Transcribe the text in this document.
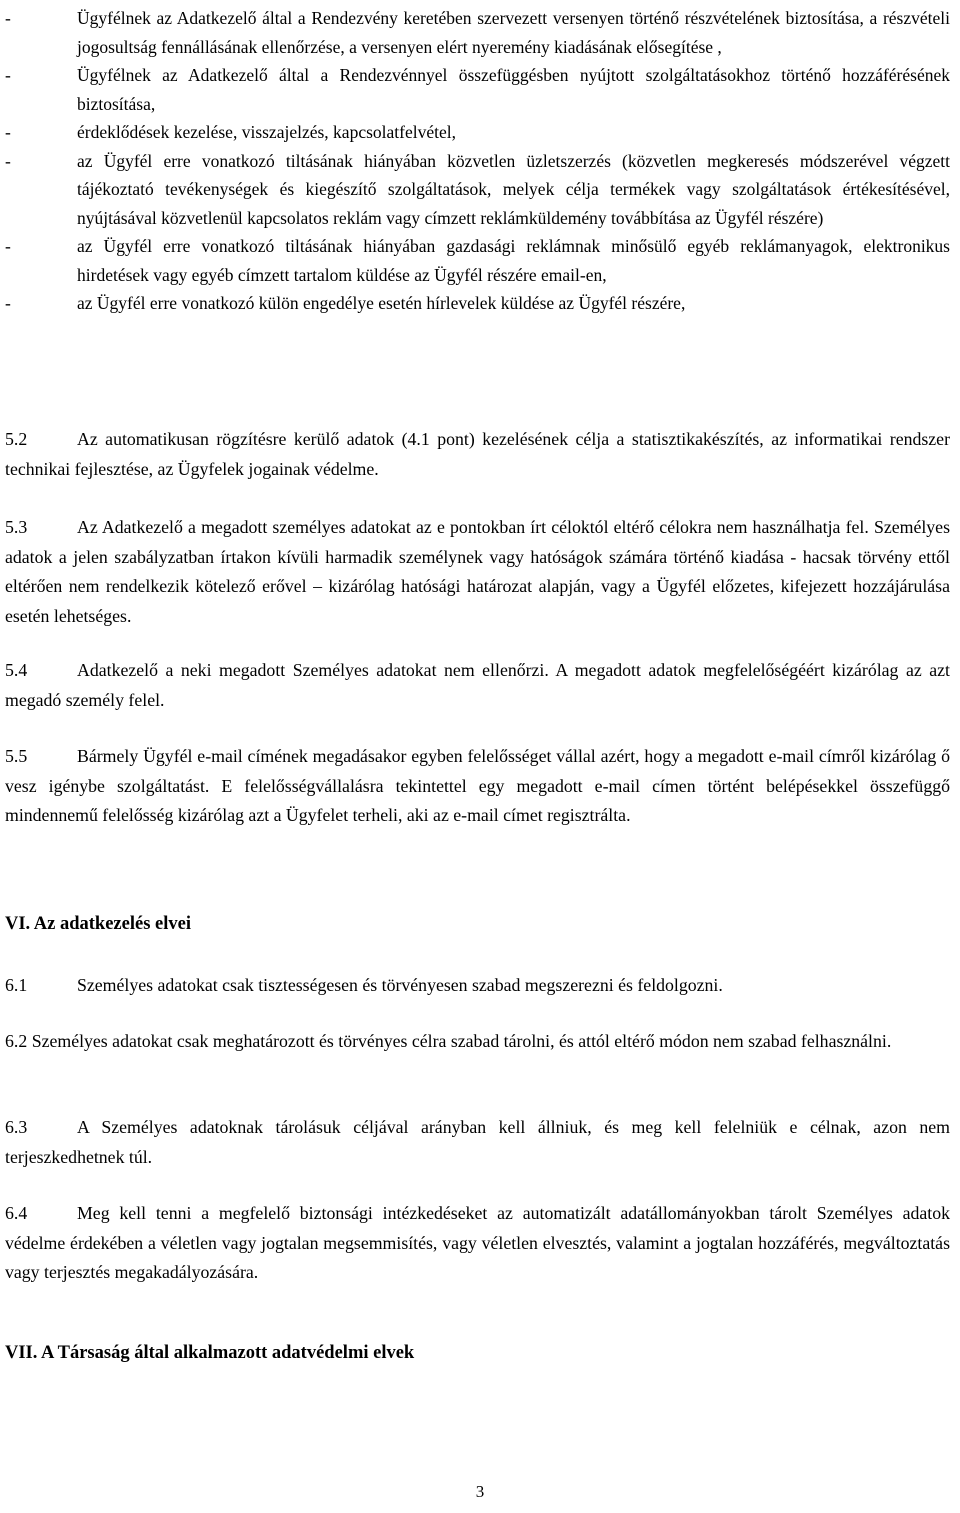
-	Ügyfélnek az Adatkezelő által a Rendezvény keretében szervezett versenyen történő részvételének biztosítása, a részvételi jogosultság fennállásának ellenőrzése, a versenyen elért nyeremény kiadásának elősegítése ,
-	Ügyfélnek az Adatkezelő által a Rendezvénnyel összefüggésben nyújtott szolgáltatásokhoz történő hozzáférésének biztosítása,
-	érdeklődések kezelése, visszajelzés, kapcsolatfelvétel,
-	az Ügyfél erre vonatkozó tiltásának hiányában közvetlen üzletszerzés (közvetlen megkeresés módszerével végzett tájékoztató tevékenységek és kiegészítő szolgáltatások, melyek célja termékek vagy szolgáltatások értékesítésével, nyújtásával közvetlenül kapcsolatos reklám vagy címzett reklámküldemény továbbítása az Ügyfél részére)
-	az Ügyfél erre vonatkozó tiltásának hiányában gazdasági reklámnak minősülő egyéb reklámanyagok, elektronikus hirdetések vagy egyéb címzett tartalom küldése az Ügyfél részére email-en,
-	az Ügyfél erre vonatkozó külön engedélye esetén hírlevelek küldése az Ügyfél részére,

5.2	Az automatikusan rögzítésre kerülő adatok (4.1 pont) kezelésének célja a statisztikakészítés, az informatikai rendszer technikai fejlesztése, az Ügyfelek jogainak védelme.

5.3	Az Adatkezelő a megadott személyes adatokat az e pontokban írt céloktól eltérő célokra nem használhatja fel. Személyes adatok a jelen szabályzatban írtakon kívüli harmadik személynek vagy hatóságok számára történő kiadása - hacsak törvény ettől eltérően nem rendelkezik kötelező erővel – kizárólag hatósági határozat alapján, vagy a Ügyfél előzetes, kifejezett hozzájárulása esetén lehetséges.

5.4	Adatkezelő a neki megadott Személyes adatokat nem ellenőrzi. A megadott adatok megfelelőségéért kizárólag az azt megadó személy felel.

5.5	Bármely Ügyfél e-mail címének megadásakor egyben felelősséget vállal azért, hogy a megadott e-mail címről kizárólag ő vesz igénybe szolgáltatást. E felelősségvállalásra tekintettel egy megadott e-mail címen történt belépésekkel összefüggő mindennemű felelősség kizárólag azt a Ügyfelet terheli, aki az e-mail címet regisztrálta.

VI. Az adatkezelés elvei

6.1	Személyes adatokat csak tisztességesen és törvényesen szabad megszerezni és feldolgozni.

6.2 Személyes adatokat csak meghatározott és törvényes célra szabad tárolni, és attól eltérő módon nem szabad felhasználni.

6.3	A Személyes adatoknak tárolásuk céljával arányban kell állniuk, és meg kell felelniük e célnak, azon nem terjeszkedhetnek túl.

6.4	Meg kell tenni a megfelelő biztonsági intézkedéseket az automatizált adatállományokban tárolt Személyes adatok védelme érdekében a véletlen vagy jogtalan megsemmisítés, vagy véletlen elvesztés, valamint a jogtalan hozzáférés, megváltoztatás vagy terjesztés megakadályozására.

VII. A Társaság által alkalmazott adatvédelmi elvek
3
